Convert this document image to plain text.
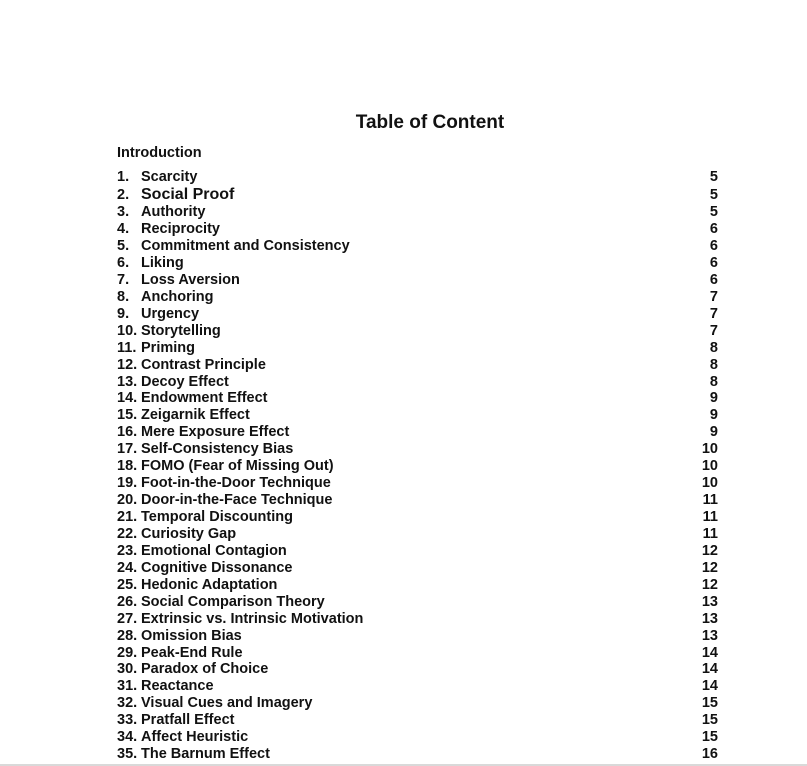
Table of Content
Introduction
1. Scarcity	5
2. Social Proof	5
3. Authority	5
4. Reciprocity	6
5. Commitment and Consistency	6
6. Liking	6
7. Loss Aversion	6
8. Anchoring	7
9. Urgency	7
10. Storytelling	7
11. Priming	8
12. Contrast Principle	8
13. Decoy Effect	8
14. Endowment Effect	9
15. Zeigarnik Effect	9
16. Mere Exposure Effect	9
17. Self-Consistency Bias	10
18. FOMO (Fear of Missing Out)	10
19. Foot-in-the-Door Technique	10
20. Door-in-the-Face Technique	11
21. Temporal Discounting	11
22. Curiosity Gap	11
23. Emotional Contagion	12
24. Cognitive Dissonance	12
25. Hedonic Adaptation	12
26. Social Comparison Theory	13
27. Extrinsic vs. Intrinsic Motivation	13
28. Omission Bias	13
29. Peak-End Rule	14
30. Paradox of Choice	14
31. Reactance	14
32. Visual Cues and Imagery	15
33. Pratfall Effect	15
34. Affect Heuristic	15
35. The Barnum Effect	16
